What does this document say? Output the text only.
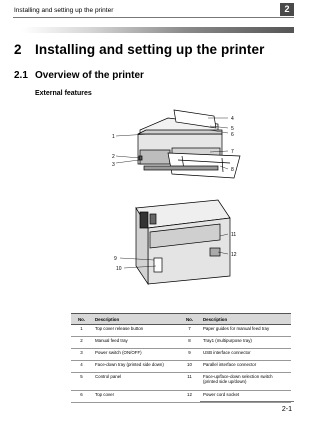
Installing and setting up the printer	2
2 Installing and setting up the printer
2.1 Overview of the printer
External features
1
4
5
6
2
3
7
8
11
12
9
10
No.	Description	No.	Description
1	Top cover release button	7	Paper guides for manual feed tray
2	Manual feed tray	8	Tray1 (multipurpose tray)
3	Power switch (ON/OFF)	9	USB interface connector
4	Face-down tray (printed side down)	10	Parallel interface connector
5	Control panel	11	Face-up/face-down selection switch (printed side up/down)
6	Top cover	12	Power cord socket
2-1
